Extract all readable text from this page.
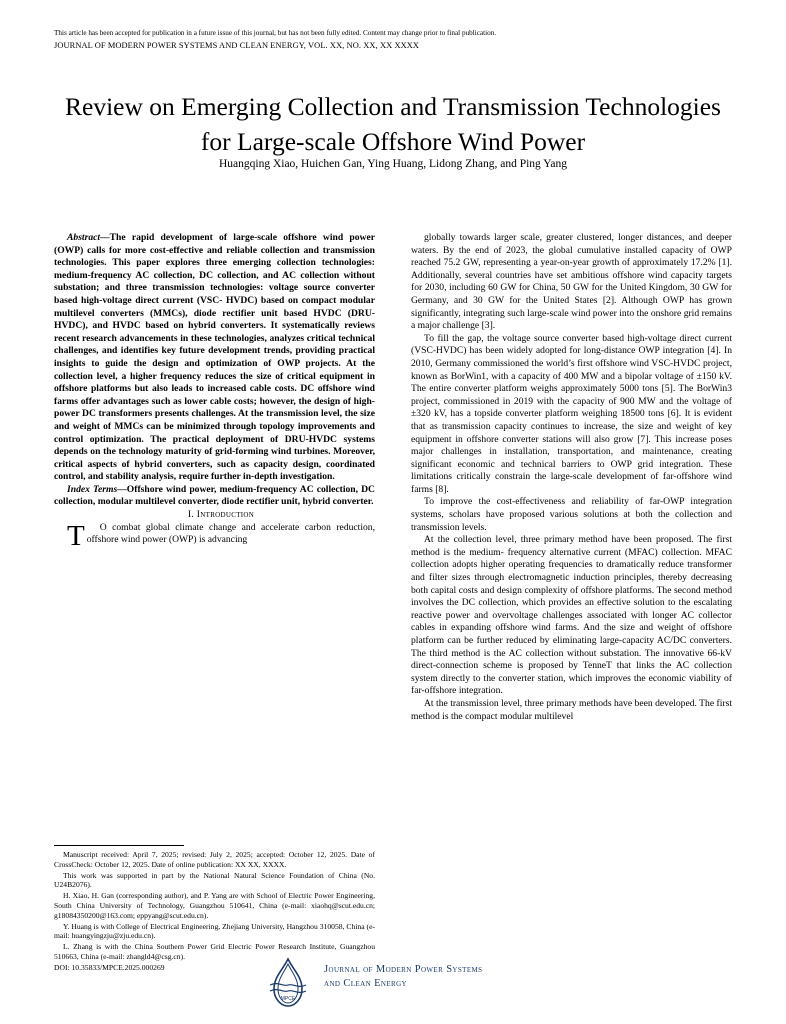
This article has been accepted for publication in a future issue of this journal, but has not been fully edited. Content may change prior to final publication.
JOURNAL OF MODERN POWER SYSTEMS AND CLEAN ENERGY, VOL. XX, NO. XX, XX XXXX
Review on Emerging Collection and Transmission Technologies for Large-scale Offshore Wind Power
Huangqing Xiao, Huichen Gan, Ying Huang, Lidong Zhang, and Ping Yang

Abstract—The rapid development of large-scale offshore wind power (OWP) calls for more cost-effective and reliable collection and transmission technologies. This paper explores three emerging collection technologies: medium-frequency AC collection, DC collection, and AC collection without substation; and three transmission technologies: voltage source converter based high-voltage direct current (VSC- HVDC) based on compact modular multilevel converters (MMCs), diode rectifier unit based HVDC (DRU-HVDC), and HVDC based on hybrid converters. It systematically reviews recent research advancements in these technologies, analyzes critical technical challenges, and identifies key future development trends, providing practical insights to guide the design and optimization of OWP projects. At the collection level, a higher frequency reduces the size of critical equipment in offshore platforms but also leads to increased cable costs. DC offshore wind farms offer advantages such as lower cable costs; however, the design of high-power DC transformers presents challenges. At the transmission level, the size and weight of MMCs can be minimized through topology improvements and control optimization. The practical deployment of DRU-HVDC systems depends on the technology maturity of grid-forming wind turbines. Moreover, critical aspects of hybrid converters, such as capacity design, coordinated control, and stability analysis, require further in-depth investigation.

Index Terms—Offshore wind power, medium-frequency AC collection, DC collection, modular multilevel converter, diode rectifier unit, hybrid converter.

I. Introduction

T O combat global climate change and accelerate carbon reduction, offshore wind power (OWP) is advancing

globally towards larger scale, greater clustered, longer distances, and deeper waters. By the end of 2023, the global cumulative installed capacity of OWP reached 75.2 GW, representing a year-on-year growth of approximately 17.2% [1]. Additionally, several countries have set ambitious offshore wind capacity targets for 2030, including 60 GW for China, 50 GW for the United Kingdom, 30 GW for Germany, and 30 GW for the United States [2]. Although OWP has grown significantly, integrating such large-scale wind power into the onshore grid remains a major challenge [3].

To fill the gap, the voltage source converter based high-voltage direct current (VSC-HVDC) has been widely adopted for long-distance OWP integration [4]. In 2010, Germany commissioned the world’s first offshore wind VSC-HVDC project, known as BorWin1, with a capacity of 400 MW and a bipolar voltage of ±150 kV. The entire converter platform weighs approximately 5000 tons [5]. The BorWin3 project, commissioned in 2019 with the capacity of 900 MW and the voltage of ±320 kV, has a topside converter platform weighing 18500 tons [6]. It is evident that as transmission capacity continues to increase, the size and weight of key equipment in offshore converter stations will also grow [7]. This increase poses major challenges in installation, transportation, and maintenance, creating significant economic and technical barriers to OWP grid integration. These limitations critically constrain the large-scale development of far-offshore wind farms [8].

To improve the cost-effectiveness and reliability of far-OWP integration systems, scholars have proposed various solutions at both the collection and transmission levels.

At the collection level, three primary method have been proposed. The first method is the medium- frequency alternative current (MFAC) collection. MFAC collection adopts higher operating frequencies to dramatically reduce transformer and filter sizes through electromagnetic induction principles, thereby decreasing both capital costs and design complexity of offshore platforms. The second method involves the DC collection, which provides an effective solution to the escalating reactive power and overvoltage challenges associated with longer AC collector cables in expanding offshore wind farms. And the size and weight of offshore platform can be further reduced by eliminating large-capacity AC/DC converters. The third method is the AC collection without substation. The innovative 66-kV direct-connection scheme is proposed by TenneT that links the AC collection system directly to the converter station, which improves the economic viability of far-offshore integration.

At the transmission level, three primary methods have been developed. The first method is the compact modular multilevel

Manuscript received: April 7, 2025; revised: July 2, 2025; accepted: October 12, 2025. Date of CrossCheck: October 12, 2025. Date of online publication: XX XX, XXXX.

This work was supported in part by the National Natural Science Foundation of China (No. U24B2076).

H. Xiao, H. Gan (corresponding author), and P. Yang are with School of Electric Power Engineering, South China University of Technology, Guangzhou 510641, China (e-mail: xiaohq@scut.edu.cn; g18084350200@163.com; eppyang@scut.edu.cn).

Y. Huang is with College of Electrical Engineering, Zhejiang University, Hangzhou 310058, China (e-mail: huangyingzju@zju.edu.cn).

L. Zhang is with the China Southern Power Grid Electric Power Research Institute, Guangzhou 510663, China (e-mail: zhangld4@csg.cn).

DOI: 10.35833/MPCE.2025.000269

MPCE
Journal of Modern Power Systems
and Clean Energy
